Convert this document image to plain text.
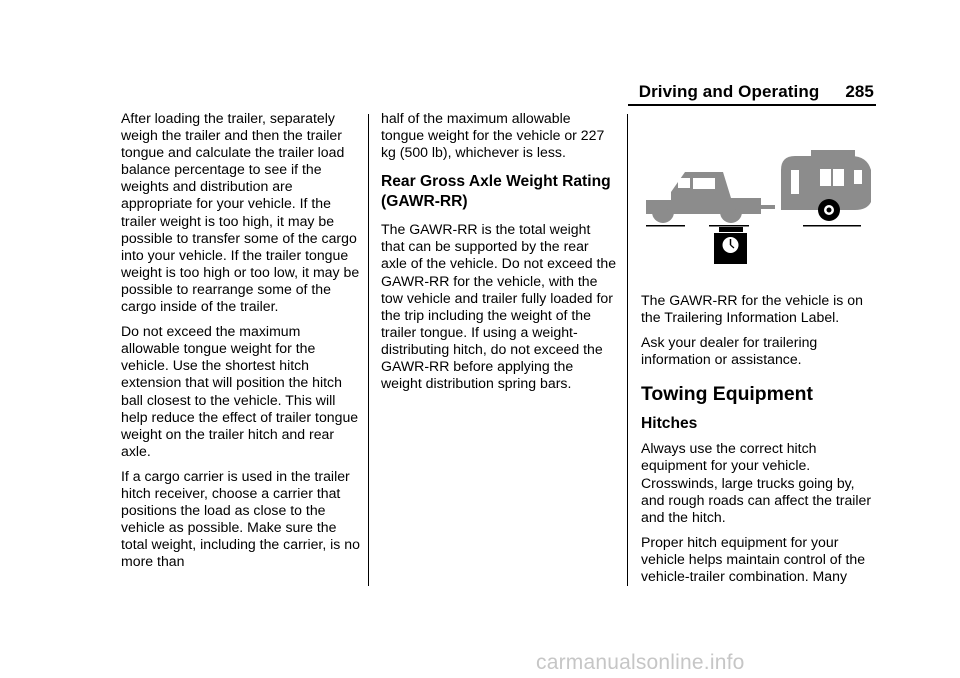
Driving and Operating 285

After loading the trailer, separately weigh the trailer and then the trailer tongue and calculate the trailer load balance percentage to see if the weights and distribution are appropriate for your vehicle. If the trailer weight is too high, it may be possible to transfer some of the cargo into your vehicle. If the trailer tongue weight is too high or too low, it may be possible to rearrange some of the cargo inside of the trailer.

Do not exceed the maximum allowable tongue weight for the vehicle. Use the shortest hitch extension that will position the hitch ball closest to the vehicle. This will help reduce the effect of trailer tongue weight on the trailer hitch and rear axle.

If a cargo carrier is used in the trailer hitch receiver, choose a carrier that positions the load as close to the vehicle as possible. Make sure the total weight, including the carrier, is no more than

half of the maximum allowable tongue weight for the vehicle or 227 kg (500 lb), whichever is less.

Rear Gross Axle Weight Rating (GAWR-RR)

The GAWR-RR is the total weight that can be supported by the rear axle of the vehicle. Do not exceed the GAWR-RR for the vehicle, with the tow vehicle and trailer fully loaded for the trip including the weight of the trailer tongue. If using a weight-distributing hitch, do not exceed the GAWR-RR before applying the weight distribution spring bars.

The GAWR-RR for the vehicle is on the Trailering Information Label.

Ask your dealer for trailering information or assistance.

Towing Equipment
Hitches

Always use the correct hitch equipment for your vehicle. Crosswinds, large trucks going by, and rough roads can affect the trailer and the hitch.

Proper hitch equipment for your vehicle helps maintain control of the vehicle-trailer combination. Many

carmanualsonline.info
